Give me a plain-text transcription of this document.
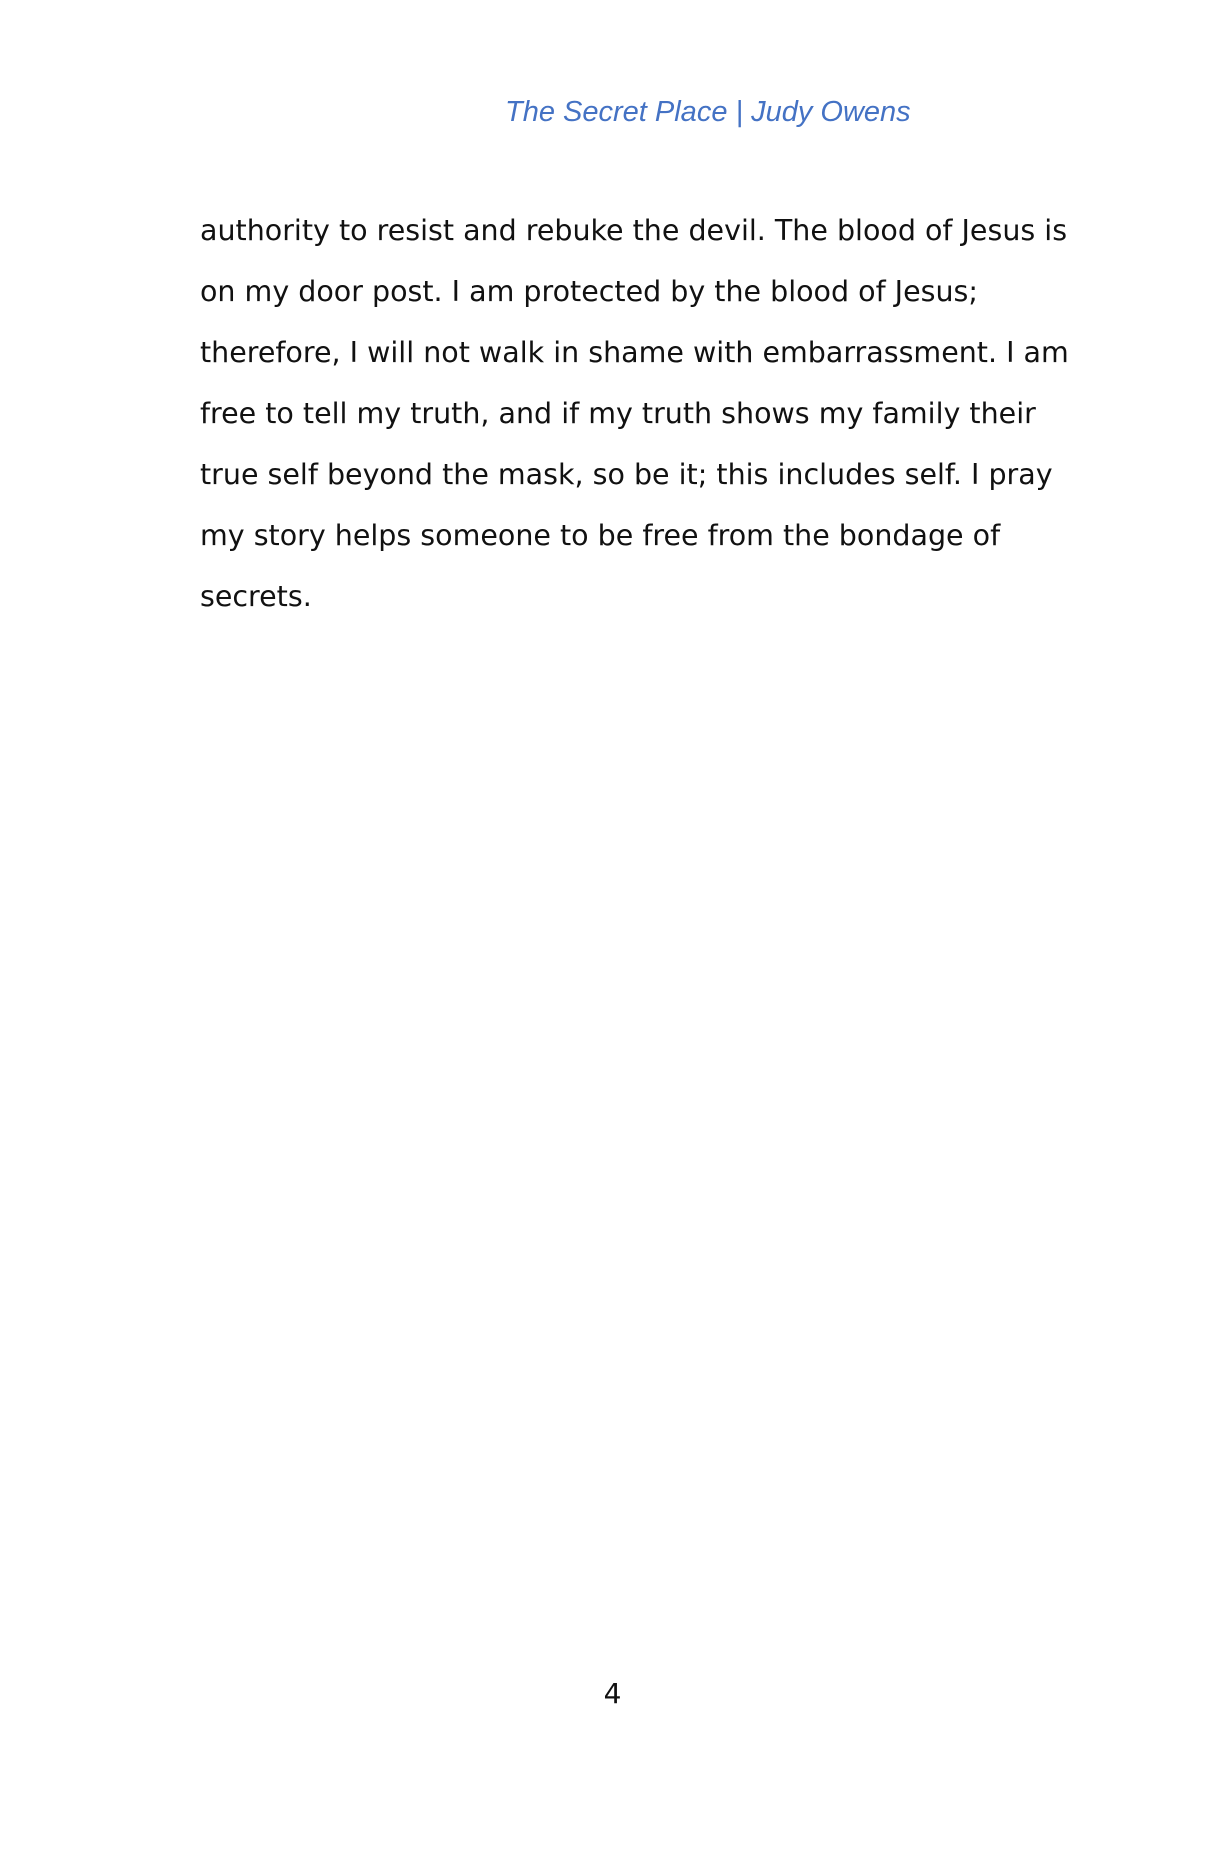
The Secret Place | Judy Owens
authority to resist and rebuke the devil. The blood of Jesus is
on my door post. I am protected by the blood of Jesus;
therefore, I will not walk in shame with embarrassment. I am
free to tell my truth, and if my truth shows my family their
true self beyond the mask, so be it; this includes self. I pray
my story helps someone to be free from the bondage of
secrets.
4
